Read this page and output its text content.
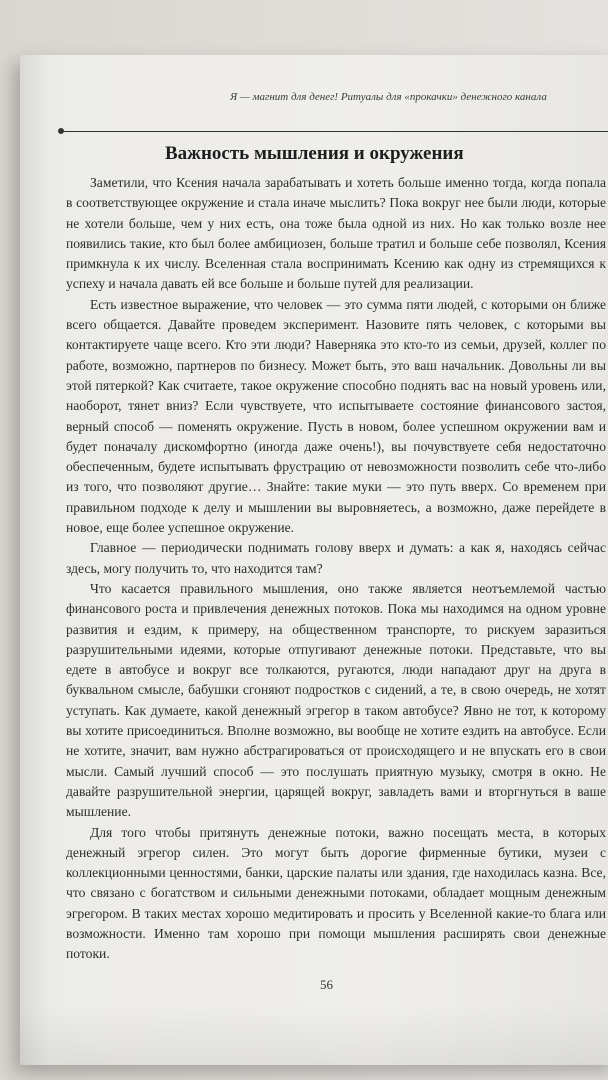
Я — магнит для денег! Ритуалы для «прокачки» денежного канала
Важность мышления и окружения

Заметили, что Ксения начала зарабатывать и хотеть больше именно тогда, когда попала в соответствующее окружение и стала иначе мыслить? Пока вокруг нее были люди, которые не хотели больше, чем у них есть, она тоже была одной из них. Но как только возле нее появились такие, кто был более амбициозен, больше тратил и больше себе позволял, Ксения примкнула к их числу. Вселенная стала воспринимать Ксению как одну из стремящихся к успеху и начала давать ей все больше и больше путей для реализации.

Есть известное выражение, что человек — это сумма пяти людей, с которыми он ближе всего общается. Давайте проведем эксперимент. Назовите пять человек, с которыми вы контактируете чаще всего. Кто эти люди? Наверняка это кто-то из семьи, друзей, коллег по работе, возможно, партнеров по бизнесу. Может быть, это ваш начальник. Довольны ли вы этой пятеркой? Как считаете, такое окружение способно поднять вас на новый уровень или, наоборот, тянет вниз? Если чувствуете, что испытываете состояние финансового застоя, верный способ — поменять окружение. Пусть в новом, более успешном окружении вам и будет поначалу дискомфортно (иногда даже очень!), вы почувствуете себя недостаточно обеспеченным, будете испытывать фрустрацию от невозможности позволить себе что-либо из того, что позволяют другие… Знайте: такие муки — это путь вверх. Со временем при правильном подходе к делу и мышлении вы выровняетесь, а возможно, даже перейдете в новое, еще более успешное окружение.

Главное — периодически поднимать голову вверх и думать: а как я, находясь сейчас здесь, могу получить то, что находится там?

Что касается правильного мышления, оно также является неотъемлемой частью финансового роста и привлечения денежных потоков. Пока мы находимся на одном уровне развития и ездим, к примеру, на общественном транспорте, то рискуем заразиться разрушительными идеями, которые отпугивают денежные потоки. Представьте, что вы едете в автобусе и вокруг все толкаются, ругаются, люди нападают друг на друга в буквальном смысле, бабушки сгоняют подростков с сидений, а те, в свою очередь, не хотят уступать. Как думаете, какой денежный эгрегор в таком автобусе? Явно не тот, к которому вы хотите присоединиться. Вполне возможно, вы вообще не хотите ездить на автобусе. Если не хотите, значит, вам нужно абстрагироваться от происходящего и не впускать его в свои мысли. Самый лучший способ — это послушать приятную музыку, смотря в окно. Не давайте разрушительной энергии, царящей вокруг, завладеть вами и вторгнуться в ваше мышление.

Для того чтобы притянуть денежные потоки, важно посещать места, в которых денежный эгрегор силен. Это могут быть дорогие фирменные бутики, музеи с коллекционными ценностями, банки, царские палаты или здания, где находилась казна. Все, что связано с богатством и сильными денежными потоками, обладает мощным денежным эгрегором. В таких местах хорошо медитировать и просить у Вселенной какие-то блага или возможности. Именно там хорошо при помощи мышления расширять свои денежные потоки.

56
